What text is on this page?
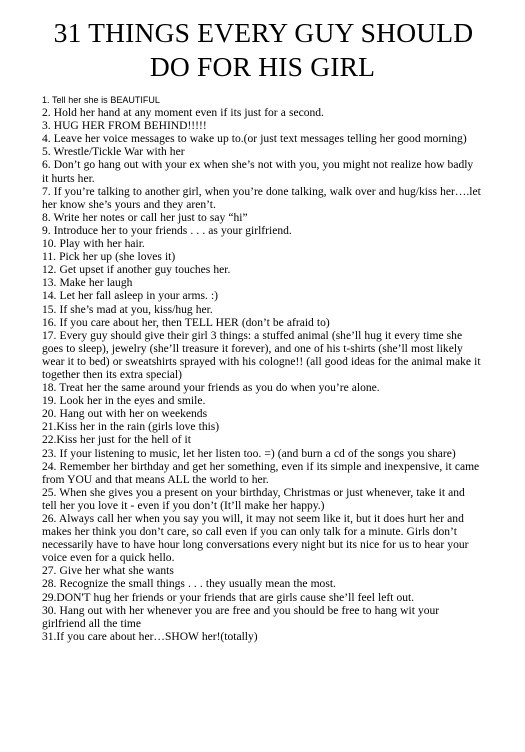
31 THINGS EVERY GUY SHOULD
DO FOR HIS GIRL
1. Tell her she is BEAUTIFUL
2. Hold her hand at any moment even if its just for a second.
3. HUG HER FROM BEHIND!!!!!
4. Leave her voice messages to wake up to.(or just text messages telling her good morning)
5. Wrestle/Tickle War with her
6. Don’t go hang out with your ex when she’s not with you, you might not realize how badly it hurts her.
7. If you’re talking to another girl, when you’re done talking, walk over and hug/kiss her….let her know she’s yours and they aren’t.
8. Write her notes or call her just to say “hi”
9. Introduce her to your friends . . . as your girlfriend.
10. Play with her hair.
11. Pick her up (she loves it)
12. Get upset if another guy touches her.
13. Make her laugh
14. Let her fall asleep in your arms. :)
15. If she’s mad at you, kiss/hug her.
16. If you care about her, then TELL HER (don’t be afraid to)
17. Every guy should give their girl 3 things: a stuffed animal (she’ll hug it every time she goes to sleep), jewelry (she’ll treasure it forever), and one of his t-shirts (she’ll most likely wear it to bed) or sweatshirts sprayed with his cologne!! (all good ideas for the animal make it together then its extra special)
18. Treat her the same around your friends as you do when you’re alone.
19. Look her in the eyes and smile.
20. Hang out with her on weekends
21.Kiss her in the rain (girls love this)
22.Kiss her just for the hell of it
23. If your listening to music, let her listen too. =) (and burn a cd of the songs you share)
24. Remember her birthday and get her something, even if its simple and inexpensive, it came from YOU and that means ALL the world to her.
25. When she gives you a present on your birthday, Christmas or just whenever, take it and tell her you love it - even if you don’t (It’ll make her happy.)
26. Always call her when you say you will, it may not seem like it, but it does hurt her and makes her think you don’t care, so call even if you can only talk for a minute. Girls don’t necessarily have to have hour long conversations every night but its nice for us to hear your voice even for a quick hello.
27. Give her what she wants
28. Recognize the small things . . . they usually mean the most.
29.DON'T hug her friends or your friends that are girls cause she’ll feel left out.
30. Hang out with her whenever you are free and you should be free to hang wit your girlfriend all the time
31.If you care about her…SHOW her!(totally)
